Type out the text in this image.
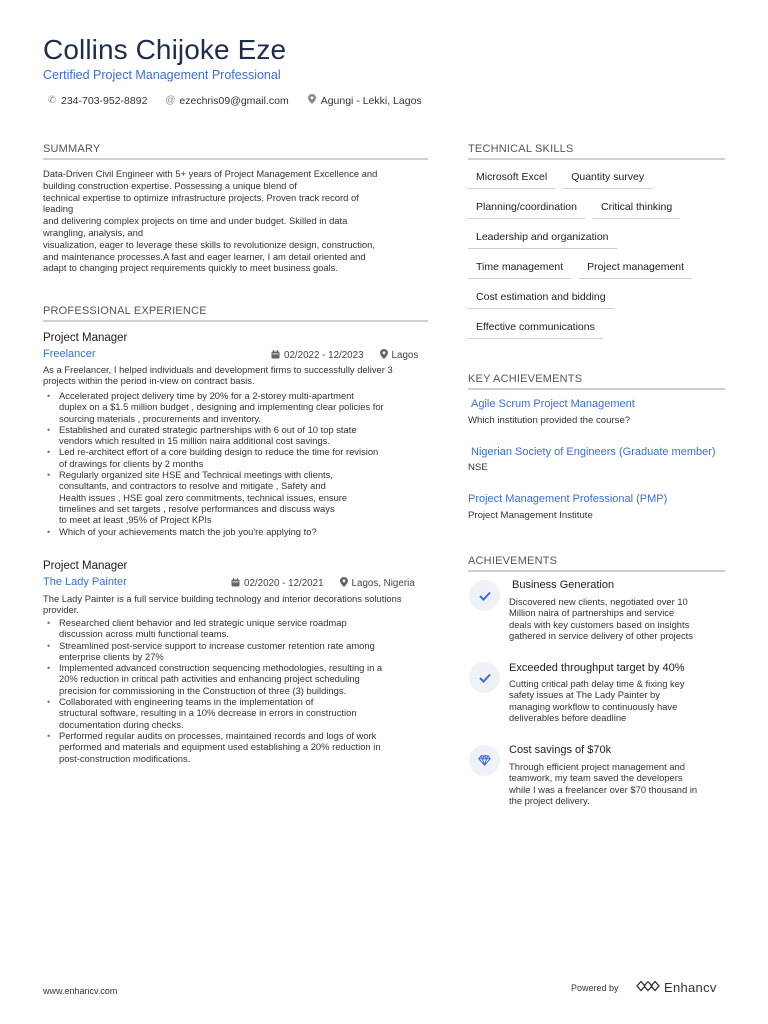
Collins Chijoke Eze
Certified Project Management Professional
✆ 234-703-952-8892 @ ezechris09@gmail.com	Agungi - Lekki, Lagos
SUMMARY
Data-Driven Civil Engineer with 5+ years of Project Management Excellence and
building construction expertise. Possessing a unique blend of
technical expertise to optimize infrastructure projects. Proven track record of
leading
and delivering complex projects on time and under budget. Skilled in data
wrangling, analysis, and
visualization, eager to leverage these skills to revolutionize design, construction,
and maintenance processes.A fast and eager learner, I am detail oriented and
adapt to changing project requirements quickly to meet business goals.
PROFESSIONAL EXPERIENCE
Project Manager
Freelancer	02/2022 - 12/2023	Lagos
As a Freelancer, I helped individuals and development firms to successfully deliver 3 projects within the period in-view on contract basis.
• Accelerated project delivery time by 20% for a 2-storey multi-apartment
duplex on a $1.5 million budget , designing and implementing clear policies for
sourcing materials , procurements and inventory.
• Established and curated strategic partnerships with 6 out of 10 top state
vendors which resulted in 15 million naira additional cost savings.
• Led re-architect effort of a core building design to reduce the time for revision
of drawings for clients by 2 months
• Regularly organized site HSE and Technical meetings with clients,
consultants, and contractors to resolve and mitigate , Safety and
Health issues , HSE goal zero commitments, technical issues, ensure
timelines and set targets , resolve performances and discuss ways
to meet at least ,95% of Project KPIs
• Which of your achievements match the job you're applying to?
Project Manager
The Lady Painter	02/2020 - 12/2021	Lagos, Nigeria
The Lady Painter is a full service building technology and interior decorations solutions provider.
• Researched client behavior and led strategic unique service roadmap
discussion across multi functional teams.
• Streamlined post-service support to increase customer retention rate among
enterprise clients by 27%
• Implemented advanced construction sequencing methodologies, resulting in a
20% reduction in critical path activities and enhancing project scheduling
precision for commissioning in the Construction of three (3) buildings.
• Collaborated with engineering teams in the implementation of
structural software, resulting in a 10% decrease in errors in construction
documentation during checks.
• Performed regular audits on processes, maintained records and logs of work
performed and materials and equipment used establishing a 20% reduction in
post-construction modifications.
TECHNICAL SKILLS
Microsoft Excel	Quantity survey
Planning/coordination	Critical thinking
Leadership and organization
Time management	Project management
Cost estimation and bidding
Effective communications
KEY ACHIEVEMENTS
Agile Scrum Project Management
Which institution provided the course?
Nigerian Society of Engineers (Graduate member)
NSE
Project Management Professional (PMP)
Project Management Institute
ACHIEVEMENTS
Business Generation
Discovered new clients, negotiated over 10
Million naira of partnerships and service
deals with key customers based on insights
gathered in service delivery of other projects
Exceeded throughput target by 40%
Cutting critical path delay time & fixing key
safety issues at The Lady Painter by
managing workflow to continuously have
deliverables before deadline
Cost savings of $70k
Through efficient project management and
teamwork, my team saved the developers
while I was a freelancer over $70 thousand in
the project delivery.
www.enhancv.com	Powered by	Enhancv
